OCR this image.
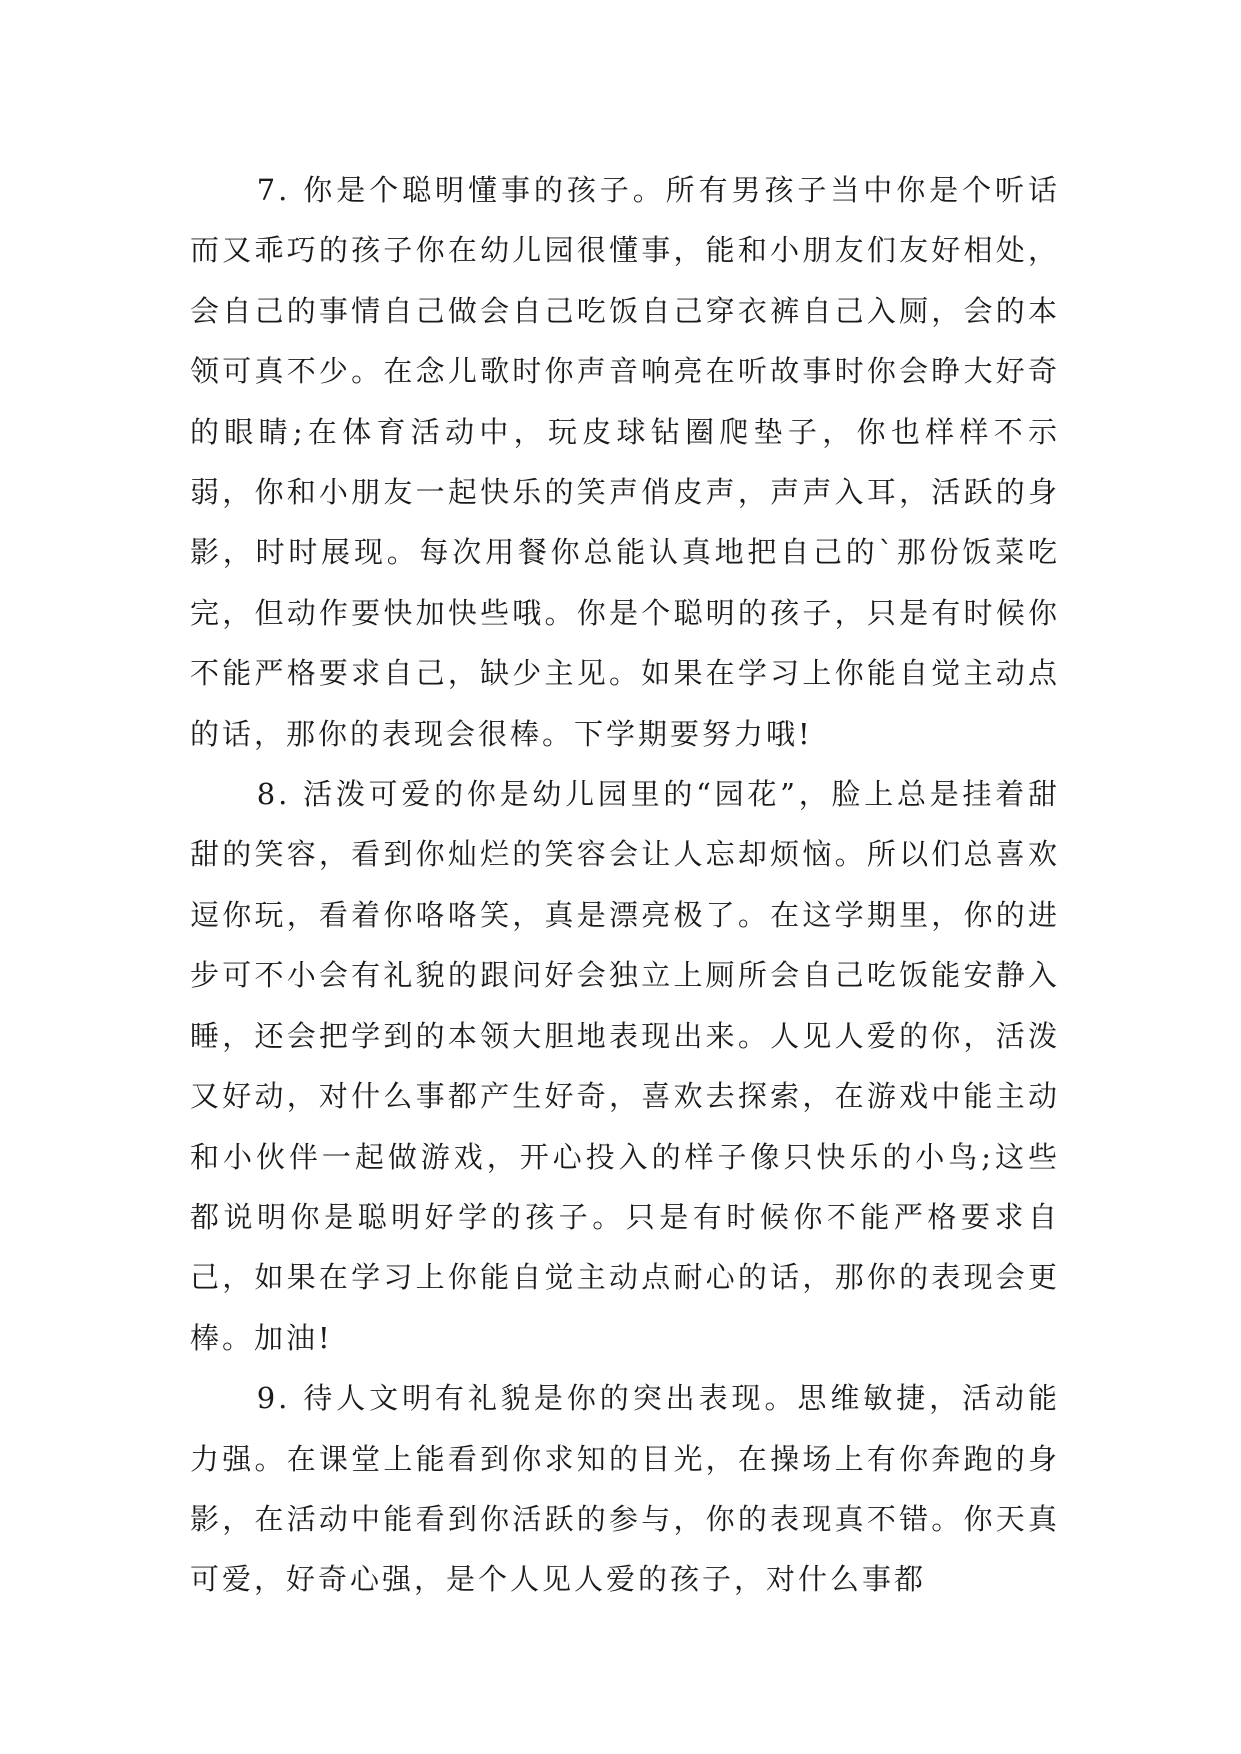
7. 你是个聪明懂事的孩子。所有男孩子当中你是个听话而又乖巧的孩子你在幼儿园很懂事，能和小朋友们友好相处，会自己的事情自己做会自己吃饭自己穿衣裤自己入厕，会的本领可真不少。在念儿歌时你声音响亮在听故事时你会睁大好奇的眼睛;在体育活动中，玩皮球钻圈爬垫子，你也样样不示弱，你和小朋友一起快乐的笑声俏皮声，声声入耳，活跃的身影，时时展现。每次用餐你总能认真地把自己的`那份饭菜吃完，但动作要快加快些哦。你是个聪明的孩子，只是有时候你不能严格要求自己，缺少主见。如果在学习上你能自觉主动点的话，那你的表现会很棒。下学期要努力哦!

8. 活泼可爱的你是幼儿园里的“园花”，脸上总是挂着甜甜的笑容，看到你灿烂的笑容会让人忘却烦恼。所以们总喜欢逗你玩，看着你咯咯笑，真是漂亮极了。在这学期里，你的进步可不小会有礼貌的跟问好会独立上厕所会自己吃饭能安静入睡，还会把学到的本领大胆地表现出来。人见人爱的你，活泼又好动，对什么事都产生好奇，喜欢去探索，在游戏中能主动和小伙伴一起做游戏，开心投入的样子像只快乐的小鸟;这些都说明你是聪明好学的孩子。只是有时候你不能严格要求自己，如果在学习上你能自觉主动点耐心的话，那你的表现会更棒。加油!

9. 待人文明有礼貌是你的突出表现。思维敏捷，活动能力强。在课堂上能看到你求知的目光，在操场上有你奔跑的身影，在活动中能看到你活跃的参与，你的表现真不错。你天真可爱，好奇心强，是个人见人爱的孩子，对什么事都
